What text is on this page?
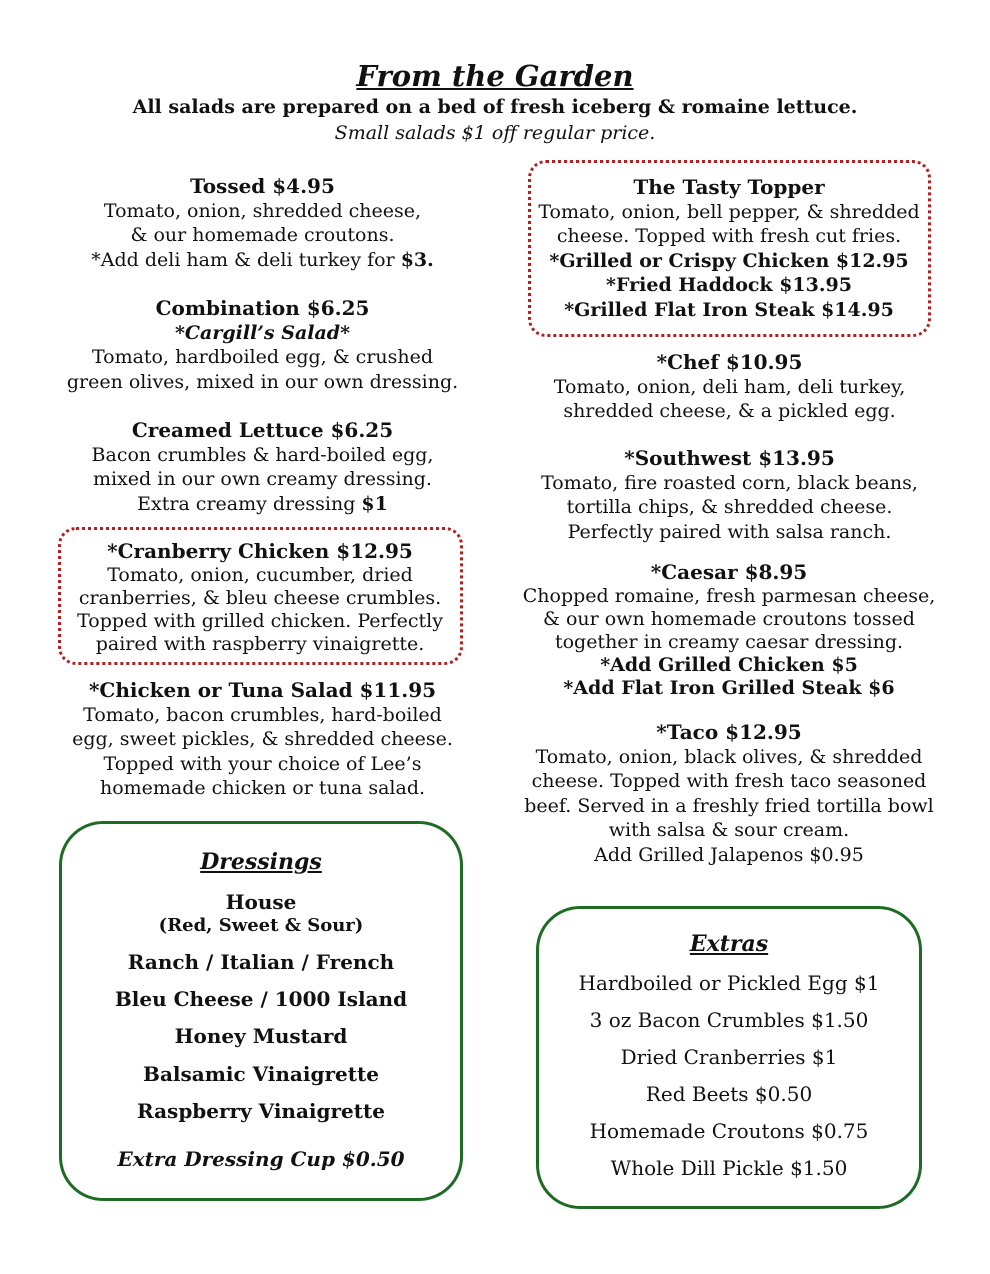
From the Garden
All salads are prepared on a bed of fresh iceberg & romaine lettuce.
Small salads $1 off regular price.
Tossed $4.95
Tomato, onion, shredded cheese,
& our homemade croutons.
*Add deli ham & deli turkey for $3.
Combination $6.25
*Cargill’s Salad*
Tomato, hardboiled egg, & crushed
green olives, mixed in our own dressing.
Creamed Lettuce $6.25
Bacon crumbles & hard-boiled egg,
mixed in our own creamy dressing.
Extra creamy dressing $1
*Cranberry Chicken $12.95
Tomato, onion, cucumber, dried
cranberries, & bleu cheese crumbles.
Topped with grilled chicken. Perfectly
paired with raspberry vinaigrette.
*Chicken or Tuna Salad $11.95
Tomato, bacon crumbles, hard-boiled
egg, sweet pickles, & shredded cheese.
Topped with your choice of Lee’s
homemade chicken or tuna salad.
Dressings
House
(Red, Sweet & Sour)
Ranch / Italian / French
Bleu Cheese / 1000 Island
Honey Mustard
Balsamic Vinaigrette
Raspberry Vinaigrette
Extra Dressing Cup $0.50
The Tasty Topper
Tomato, onion, bell pepper, & shredded
cheese. Topped with fresh cut fries.
*Grilled or Crispy Chicken $12.95
*Fried Haddock $13.95
*Grilled Flat Iron Steak $14.95
*Chef $10.95
Tomato, onion, deli ham, deli turkey,
shredded cheese, & a pickled egg.
*Southwest $13.95
Tomato, fire roasted corn, black beans,
tortilla chips, & shredded cheese.
Perfectly paired with salsa ranch.
*Caesar $8.95
Chopped romaine, fresh parmesan cheese,
& our own homemade croutons tossed
together in creamy caesar dressing.
*Add Grilled Chicken $5
*Add Flat Iron Grilled Steak $6
*Taco $12.95
Tomato, onion, black olives, & shredded
cheese. Topped with fresh taco seasoned
beef. Served in a freshly fried tortilla bowl
with salsa & sour cream.
Add Grilled Jalapenos $0.95
Extras
Hardboiled or Pickled Egg $1
3 oz Bacon Crumbles $1.50
Dried Cranberries $1
Red Beets $0.50
Homemade Croutons $0.75
Whole Dill Pickle $1.50
